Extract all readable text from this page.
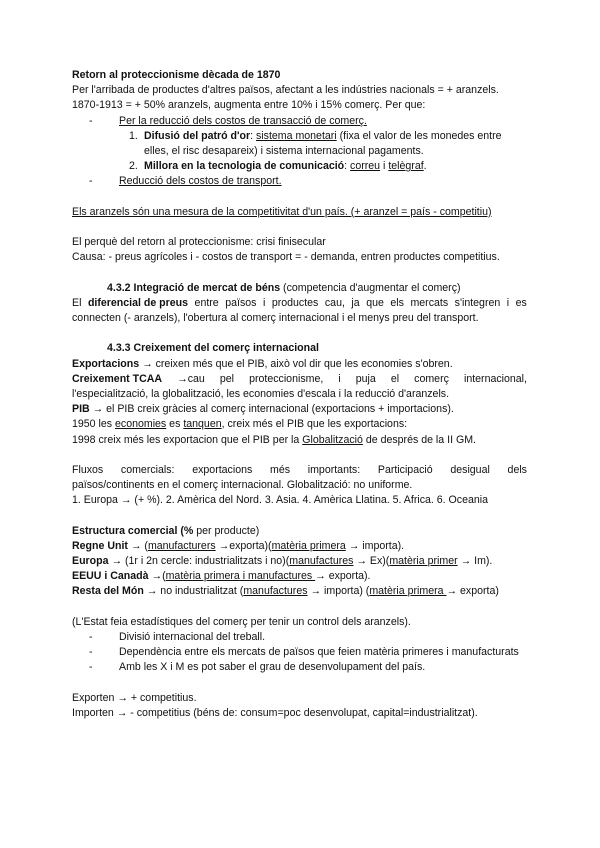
Retorn al proteccionisme dècada de 1870
Per l'arribada de productes d'altres països, afectant a les indústries nacionals = + aranzels.
1870-1913 = + 50% aranzels, augmenta entre 10% i 15% comerç. Per que:
- Per la reducció dels costos de transacció de comerç.
1. Difusió del patró d'or: sistema monetari (fixa el valor de les monedes entre
elles, el risc desapareix) i sistema internacional pagaments.
2. Millora en la tecnologia de comunicació: correu i telègraf.
- Reducció dels costos de transport.
Els aranzels són una mesura de la competitivitat d'un país. (+ aranzel = país - competitiu)
El perquè del retorn al proteccionisme: crisi finisecular
Causa: - preus agrícoles i - costos de transport = - demanda, entren productes competitius.
4.3.2 Integració de mercat de béns (competencia d'augmentar el comerç)
El diferencial de preus entre països i productes cau, ja que els mercats s'integren i es
connecten (- aranzels), l'obertura al comerç internacional i el menys preu del transport.
4.3.3 Creixement del comerç internacional
Exportacions → creixen més que el PIB, això vol dir que les economies s'obren.
Creixement TCAA →cau pel proteccionisme, i puja el comerç internacional,
l'especialització, la globalització, les economies d'escala i la reducció d'aranzels.
PIB → el PIB creix gràcies al comerç internacional (exportacions + importacions).
1950 les economies es tanquen, creix més el PIB que les exportacions:
1998 creix més les exportacion que el PIB per la Globalització de després de la II GM.
Fluxos comercials: exportacions més importants: Participació desigual dels
països/continents en el comerç internacional. Globalització: no uniforme.
1. Europa → (+ %). 2. Amèrica del Nord. 3. Asia. 4. Amèrica Llatina. 5. Africa. 6. Oceania
Estructura comercial (% per producte)
Regne Unit → (manufacturers →exporta)(matèria primera → importa).
Europa → (1r i 2n cercle: industrialitzats i no)(manufactures → Ex)(matèria primer → Im).
EEUU i Canadà →(matèria primera i manufactures → exporta).
Resta del Món → no industrialitzat (manufactures → importa) (matèria primera → exporta)
(L'Estat feia estadístiques del comerç per tenir un control dels aranzels).
- Divisió internacional del treball.
- Dependència entre els mercats de països que feien matèria primeres i manufacturats
- Amb les X i M es pot saber el grau de desenvolupament del país.
Exporten → + competitius.
Importen → - competitius (béns de: consum=poc desenvolupat, capital=industrialitzat).
